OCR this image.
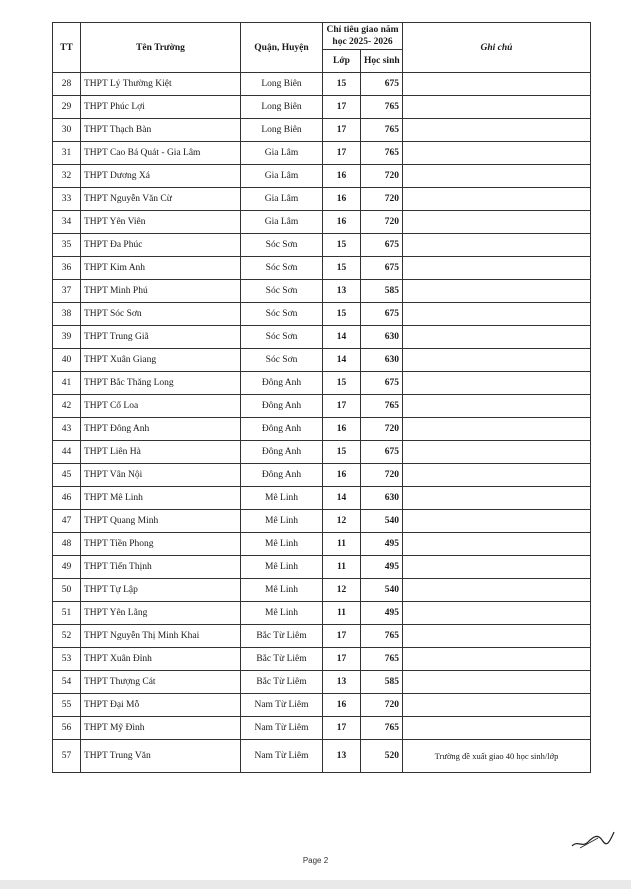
TT	Tên Trường	Quận, Huyện	Chỉ tiêu giao năm học 2025- 2026		Ghi chú
			Lớp	Học sinh	
28	THPT Lý Thường Kiệt	Long Biên	15	675	
29	THPT Phúc Lợi	Long Biên	17	765	
30	THPT Thạch Bàn	Long Biên	17	765	
31	THPT Cao Bá Quát - Gia Lâm	Gia Lâm	17	765	
32	THPT Dương Xá	Gia Lâm	16	720	
33	THPT Nguyễn Văn Cừ	Gia Lâm	16	720	
34	THPT Yên Viên	Gia Lâm	16	720	
35	THPT Đa Phúc	Sóc Sơn	15	675	
36	THPT Kim Anh	Sóc Sơn	15	675	
37	THPT Minh Phú	Sóc Sơn	13	585	
38	THPT Sóc Sơn	Sóc Sơn	15	675	
39	THPT Trung Giã	Sóc Sơn	14	630	
40	THPT Xuân Giang	Sóc Sơn	14	630	
41	THPT Bắc Thăng Long	Đông Anh	15	675	
42	THPT Cổ Loa	Đông Anh	17	765	
43	THPT Đông Anh	Đông Anh	16	720	
44	THPT Liên Hà	Đông Anh	15	675	
45	THPT Vân Nội	Đông Anh	16	720	
46	THPT Mê Linh	Mê Linh	14	630	
47	THPT Quang Minh	Mê Linh	12	540	
48	THPT Tiền Phong	Mê Linh	11	495	
49	THPT Tiến Thịnh	Mê Linh	11	495	
50	THPT Tự Lập	Mê Linh	12	540	
51	THPT Yên Lãng	Mê Linh	11	495	
52	THPT Nguyễn Thị Minh Khai	Bắc Từ Liêm	17	765	
53	THPT Xuân Đỉnh	Bắc Từ Liêm	17	765	
54	THPT Thượng Cát	Bắc Từ Liêm	13	585	
55	THPT Đại Mỗ	Nam Từ Liêm	16	720	
56	THPT Mỹ Đình	Nam Từ Liêm	17	765	
57	THPT Trung Văn	Nam Từ Liêm	13	520	Trường đề xuất giao 40 học sinh/lớp
Page 2
